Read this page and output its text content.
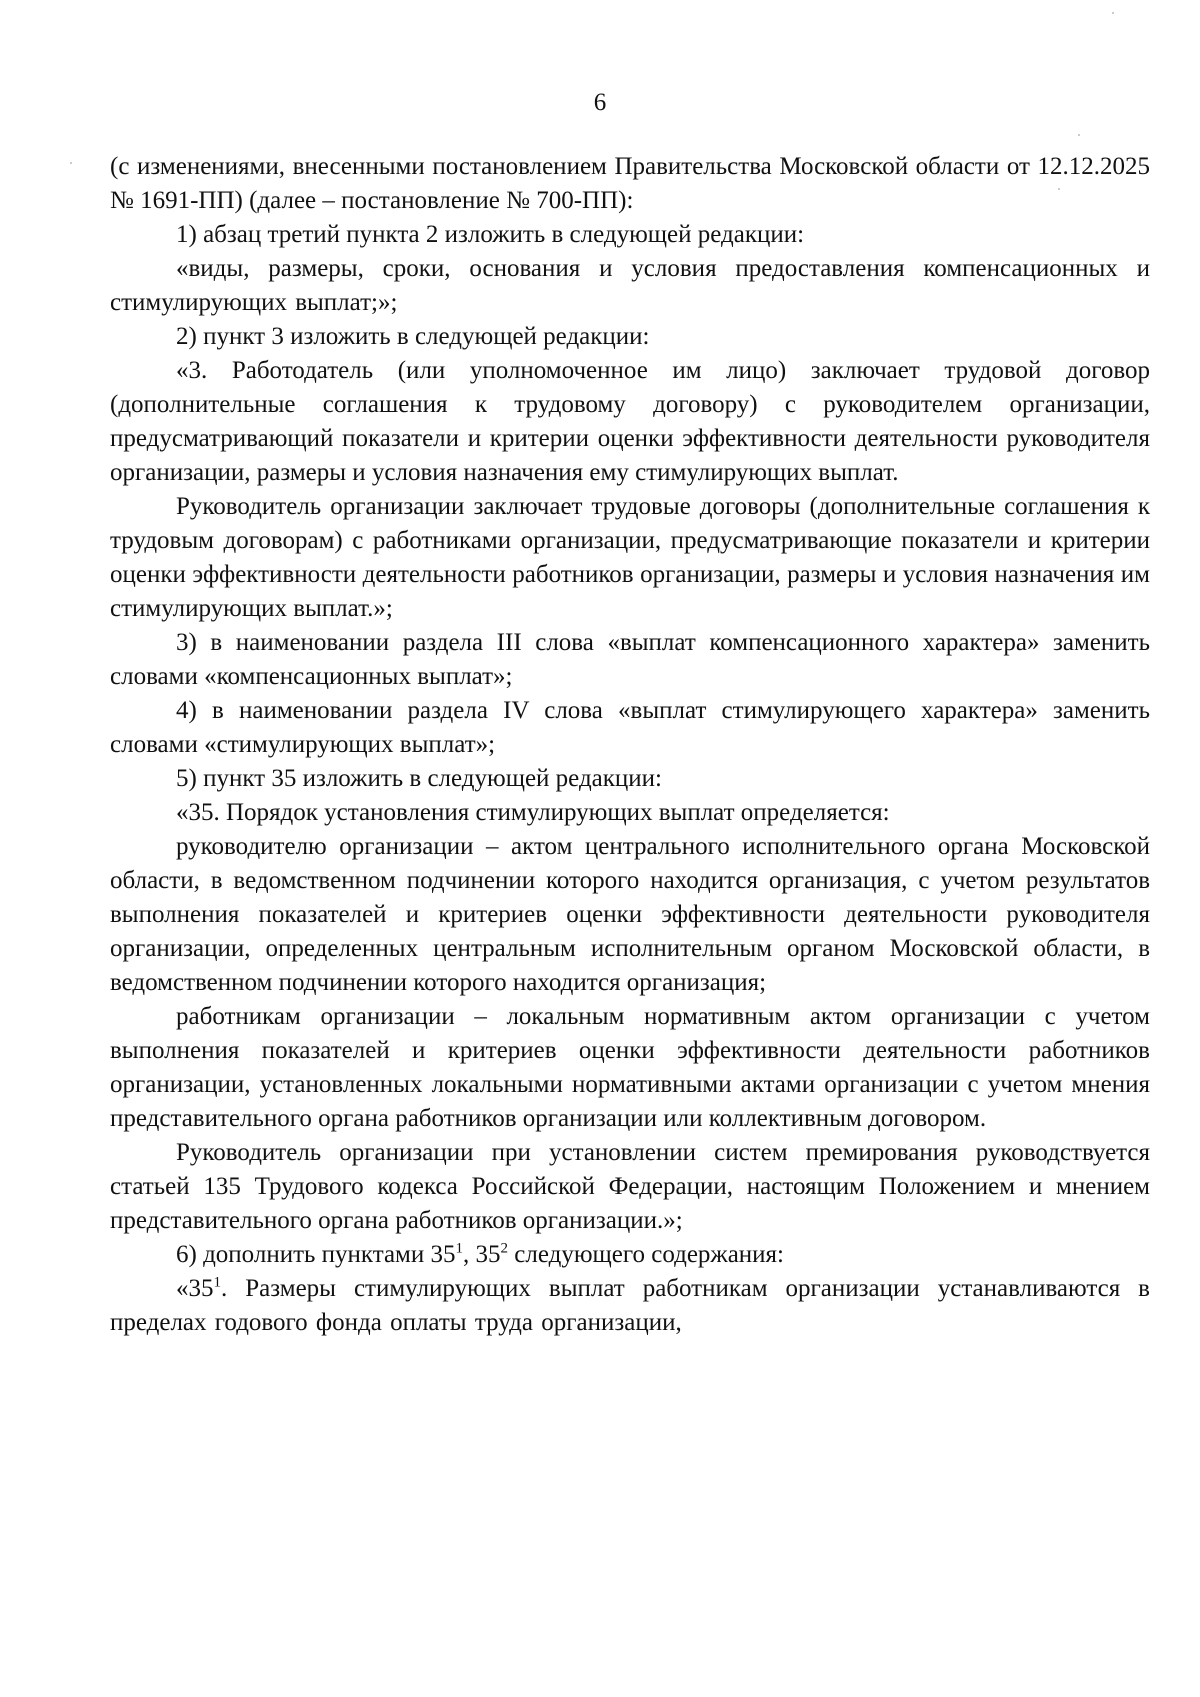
6

(с изменениями, внесенными постановлением Правительства Московской области от 12.12.2025 № 1691-ПП) (далее – постановление № 700-ПП):

1) абзац третий пункта 2 изложить в следующей редакции:

«виды, размеры, сроки, основания и условия предоставления компенсационных и стимулирующих выплат;»;

2) пункт 3 изложить в следующей редакции:

«3. Работодатель (или уполномоченное им лицо) заключает трудовой договор (дополнительные соглашения к трудовому договору) с руководителем организации, предусматривающий показатели и критерии оценки эффективности деятельности руководителя организации, размеры и условия назначения ему стимулирующих выплат.

Руководитель организации заключает трудовые договоры (дополнительные соглашения к трудовым договорам) с работниками организации, предусматривающие показатели и критерии оценки эффективности деятельности работников организации, размеры и условия назначения им стимулирующих выплат.»;

3) в наименовании раздела III слова «выплат компенсационного характера» заменить словами «компенсационных выплат»;

4) в наименовании раздела IV слова «выплат стимулирующего характера» заменить словами «стимулирующих выплат»;

5) пункт 35 изложить в следующей редакции:

«35. Порядок установления стимулирующих выплат определяется:

руководителю организации – актом центрального исполнительного органа Московской области, в ведомственном подчинении которого находится организация, с учетом результатов выполнения показателей и критериев оценки эффективности деятельности руководителя организации, определенных центральным исполнительным органом Московской области, в ведомственном подчинении которого находится организация;

работникам организации – локальным нормативным актом организации с учетом выполнения показателей и критериев оценки эффективности деятельности работников организации, установленных локальными нормативными актами организации с учетом мнения представительного органа работников организации или коллективным договором.

Руководитель организации при установлении систем премирования руководствуется статьей 135 Трудового кодекса Российской Федерации, настоящим Положением и мнением представительного органа работников организации.»;

6) дополнить пунктами $35^1$, $35^2$ следующего содержания:

«$35^1$. Размеры стимулирующих выплат работникам организации устанавливаются в пределах годового фонда оплаты труда организации,
